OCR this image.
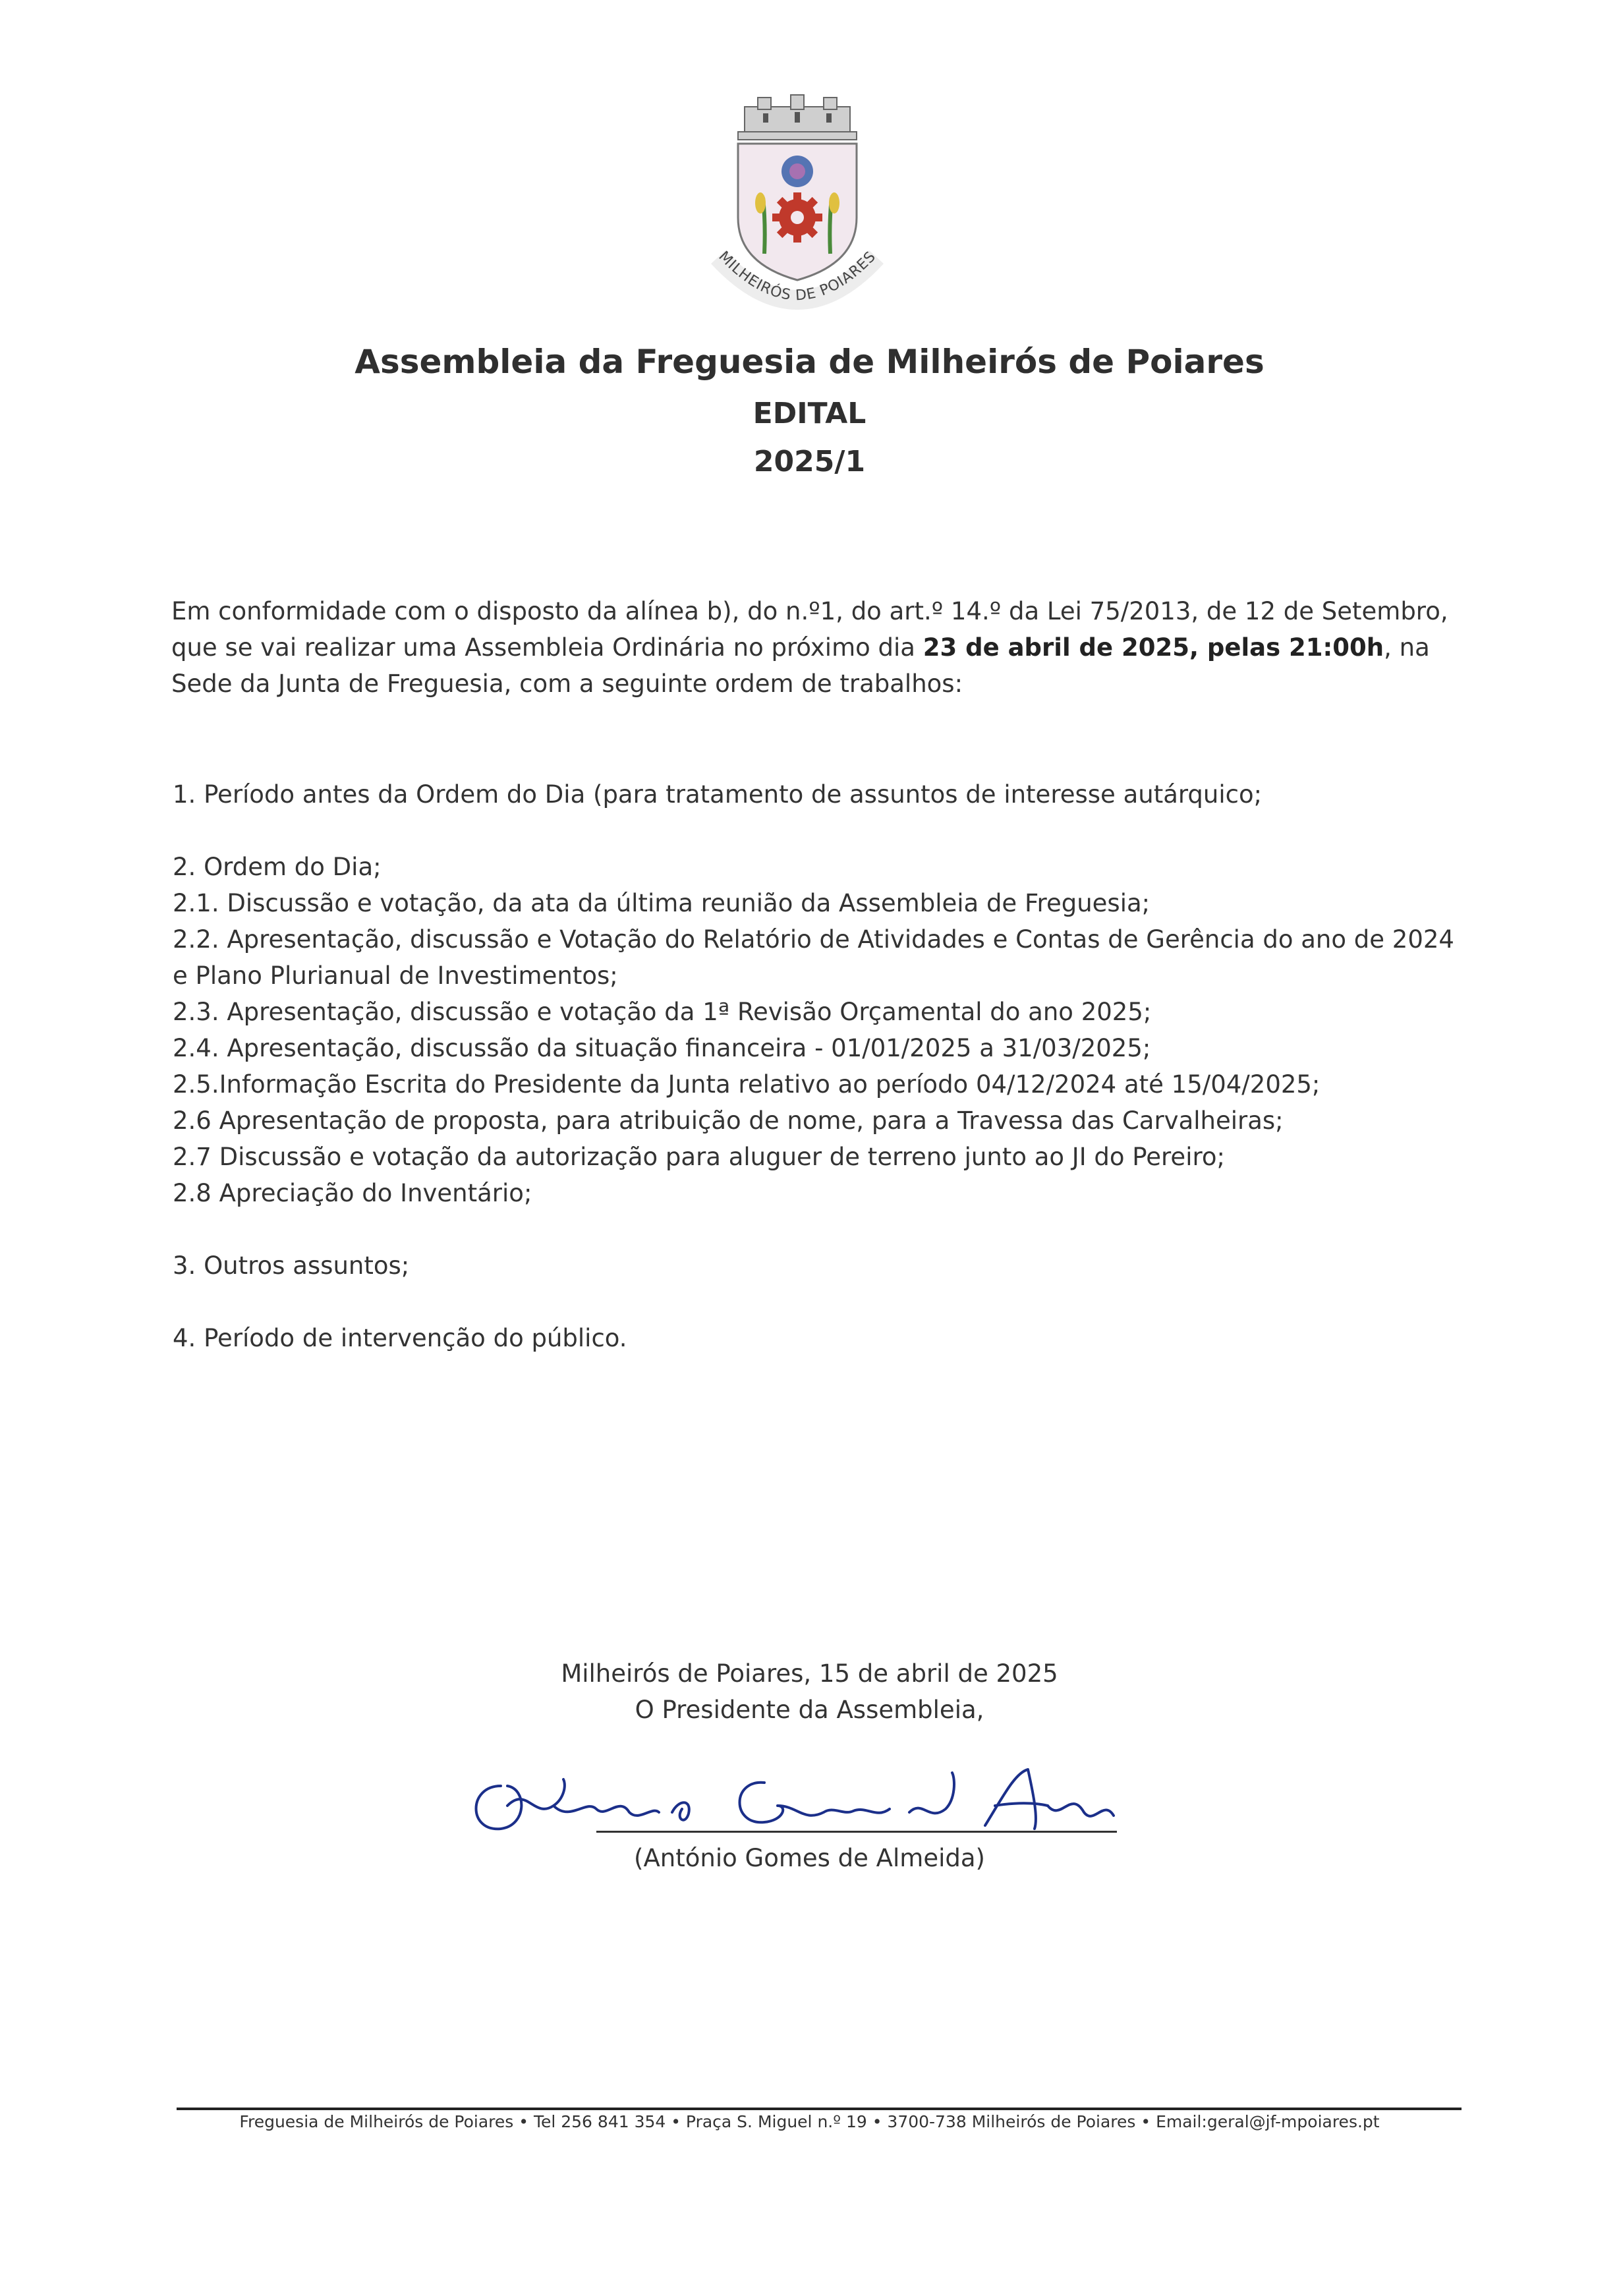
MILHEIRÓS DE POIARES
Assembleia da Freguesia de Milheirós de Poiares
EDITAL
2025/1
Em conformidade com o disposto da alínea b), do n.º1, do art.º 14.º da Lei 75/2013, de 12 de Setembro, que se vai realizar uma Assembleia Ordinária no próximo dia 23 de abril de 2025, pelas 21:00h, na Sede da Junta de Freguesia, com a seguinte ordem de trabalhos:

1. Período antes da Ordem do Dia (para tratamento de assuntos de interesse autárquico;

2. Ordem do Dia;

2.1. Discussão e votação, da ata da última reunião da Assembleia de Freguesia;

2.2. Apresentação, discussão e Votação do Relatório de Atividades e Contas de Gerência do ano de 2024 e Plano Plurianual de Investimentos;

2.3. Apresentação, discussão e votação da 1ª Revisão Orçamental do ano 2025;

2.4. Apresentação, discussão da situação financeira - 01/01/2025 a 31/03/2025;

2.5.Informação Escrita do Presidente da Junta relativo ao período 04/12/2024 até 15/04/2025;

2.6 Apresentação de proposta, para atribuição de nome, para a Travessa das Carvalheiras;

2.7 Discussão e votação da autorização para aluguer de terreno junto ao JI do Pereiro;

2.8 Apreciação do Inventário;

3. Outros assuntos;

4. Período de intervenção do público.

Milheirós de Poiares, 15 de abril de 2025
O Presidente da Assembleia,
(António Gomes de Almeida)
Freguesia de Milheirós de Poiares • Tel 256 841 354 • Praça S. Miguel n.º 19 • 3700-738 Milheirós de Poiares • Email:geral@jf-mpoiares.pt
